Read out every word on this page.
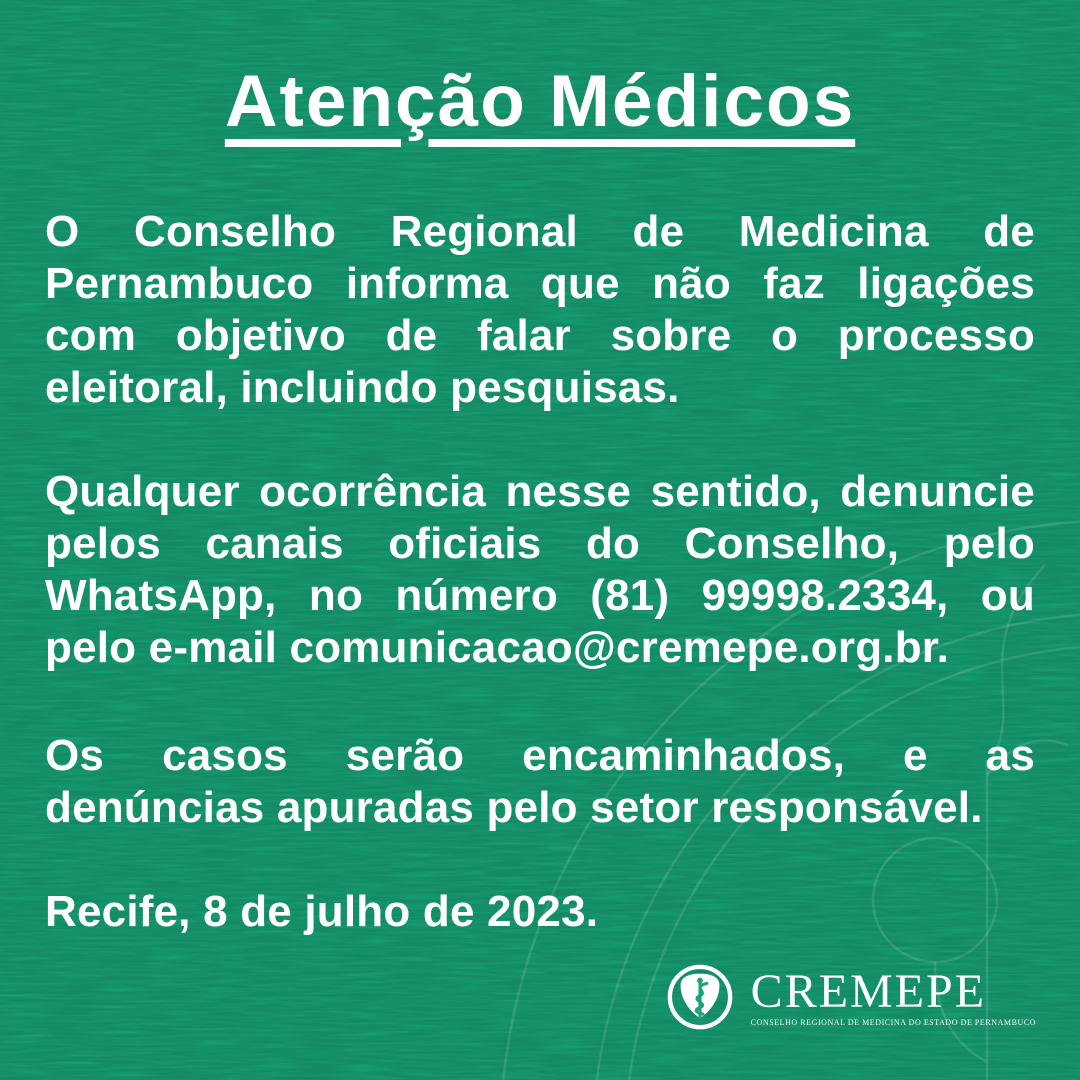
Atenção Médicos
O Conselho Regional de Medicina de
Pernambuco informa que não faz ligações
com objetivo de falar sobre o processo
eleitoral, incluindo pesquisas.
Qualquer ocorrência nesse sentido, denuncie
pelos canais oficiais do Conselho, pelo
WhatsApp, no número (81) 99998.2334, ou
pelo e-mail comunicacao@cremepe.org.br.
Os casos serão encaminhados, e as
denúncias apuradas pelo setor responsável.
Recife, 8 de julho de 2023.
CREMEPE
CONSELHO REGIONAL DE MEDICINA DO ESTADO DE PERNAMBUCO
